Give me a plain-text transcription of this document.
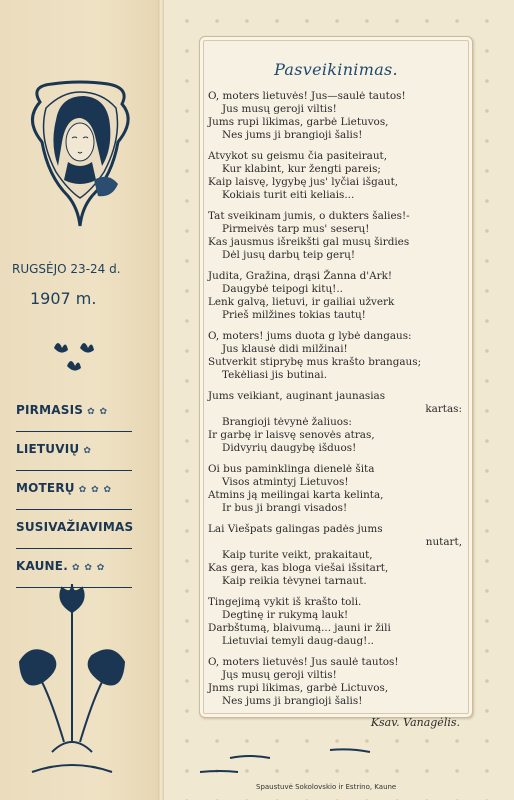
RUGSĖJO 23-24 d.
1907 m.
PIRMASIS ✿ ✿
LIETUVIŲ ✿
MOTERŲ ✿ ✿ ✿
SUSIVAŽIAVIMAS
KAUNE. ✿ ✿ ✿
Pasveikinimas.
O, moters lietuvės! Jus—saulė tautos!
Jus musų geroji viltis!
Jums rupi likimas, garbė Lietuvos,
Nes jums ji brangioji šalis!
Atvykot su geismu čia pasiteiraut,
Kur klabint, kur žengti pareis;
Kaip laisvę, lygybę jus' lyčiai išgaut,
Kokiais turit eiti keliais...
Tat sveikinam jumis, o dukters šalies!-
Pirmeivės tarp mus' seserų!
Kas jausmus išreikšti gal musų širdies
Dėl jusų darbų teip gerų!
Judita, Gražina, drąsi Žanna d'Ark!
Daugybė teipogi kitų!..
Lenk galvą, lietuvi, ir gailiai užverk
Prieš milžines tokias tautų!
O, moters! jums duota g lybė dangaus:
Jus klausė didi milžinai!
Sutverkit stiprybę mus kraštо brangaus;
Tekėliasi jis butinai.
Jums veikiant, auginant jaunasias
kartas:
Brangioji tėvynė žaliuos:
Ir garbę ir laisvę senovės atras,
Didvyrių daugybę išduos!
Oi bus paminklinga dienelė šita
Visos atmintyj Lietuvos!
Atmins ją meilingai karta kelinta,
Ir bus ji brangi visados!
Lai Viešpats galingas padės jums
nutart,
Kaip turite veikt, prakaitaut,
Kas gera, kas bloga viešai išsitart,
Kaip reikia tėvynei tarnaut.
Tingejimą vykit iš krašto toli.
Degtinę ir rukymą lauk!
Darbštumą, blaivumą... jauni ir žili
Lietuviai temyli daug-daug!..
O, moters lietuvės! Jus saulė tautos!
Jųs musų geroji viltis!
Jnms rupi likimas, garbė Lictuvos,
Nes jums ji brangioji šalis!
Ksav. Vanagėlis.
Spaustuvė Sokolovskio ir Estrino, Kaune
